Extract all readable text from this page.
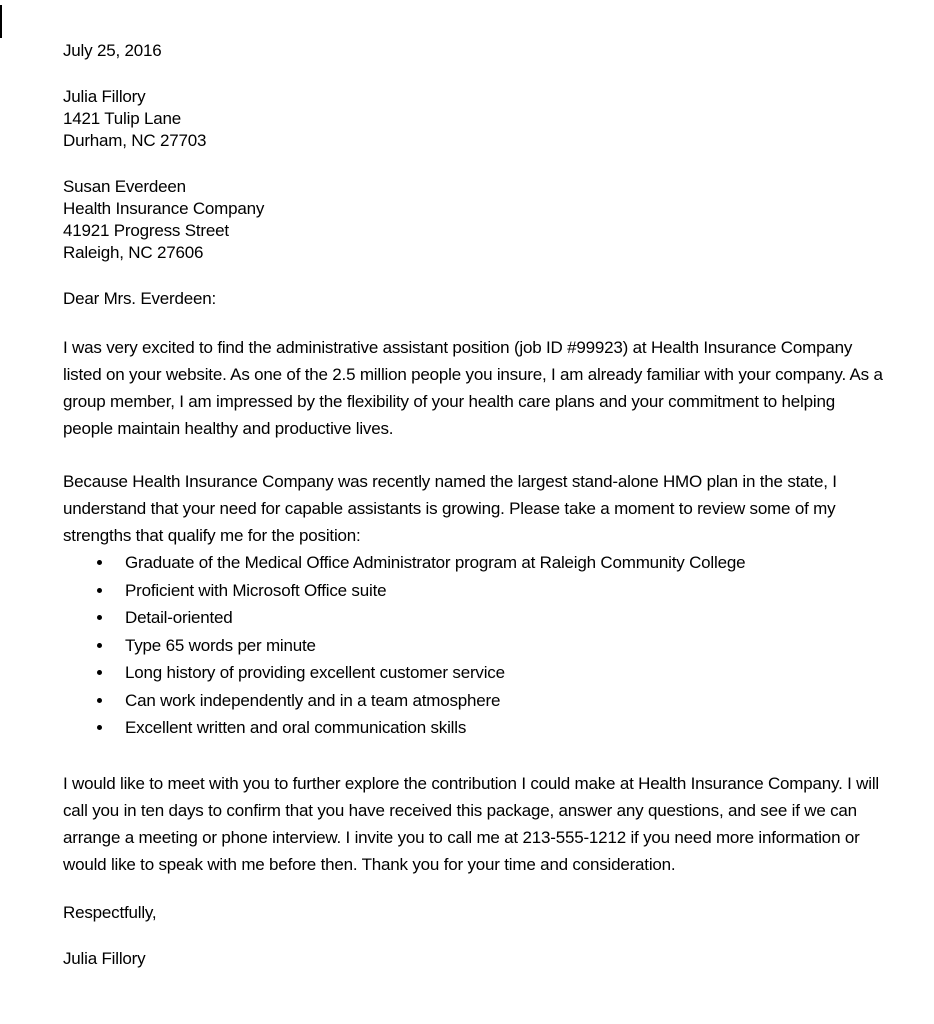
July 25, 2016
Julia Fillory
1421 Tulip Lane
Durham, NC 27703
Susan Everdeen
Health Insurance Company
41921 Progress Street
Raleigh, NC 27606
Dear Mrs. Everdeen:

I was very excited to find the administrative assistant position (job ID #99923) at Health Insurance Company listed on your website. As one of the 2.5 million people you insure, I am already familiar with your company. As a group member, I am impressed by the flexibility of your health care plans and your commitment to helping people maintain healthy and productive lives.

Because Health Insurance Company was recently named the largest stand-alone HMO plan in the state, I understand that your need for capable assistants is growing. Please take a moment to review some of my strengths that qualify me for the position:

Graduate of the Medical Office Administrator program at Raleigh Community College
Proficient with Microsoft Office suite
Detail-oriented
Type 65 words per minute
Long history of providing excellent customer service
Can work independently and in a team atmosphere
Excellent written and oral communication skills

I would like to meet with you to further explore the contribution I could make at Health Insurance Company. I will call you in ten days to confirm that you have received this package, answer any questions, and see if we can arrange a meeting or phone interview. I invite you to call me at 213-555-1212 if you need more information or would like to speak with me before then. Thank you for your time and consideration.

Respectfully,
Julia Fillory
